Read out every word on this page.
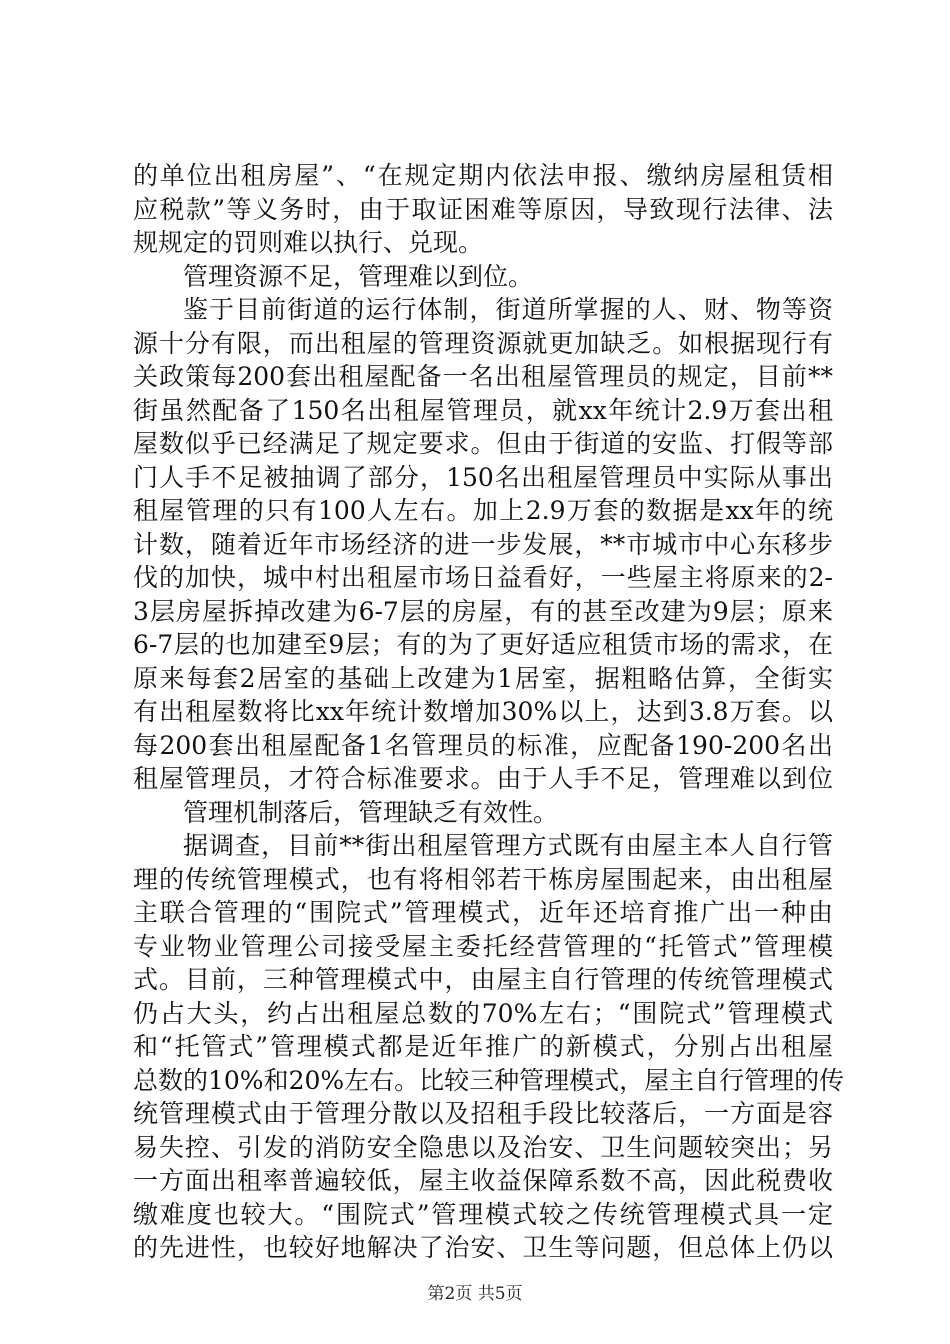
的单位出租房屋”、“在规定期内依法申报、缴纳房屋租赁相
应税款”等义务时，由于取证困难等原因，导致现行法律、法
规规定的罚则难以执行、兑现。
管理资源不足，管理难以到位。
鉴于目前街道的运行体制，街道所掌握的人、财、物等资
源十分有限，而出租屋的管理资源就更加缺乏。如根据现行有
关政策每200套出租屋配备一名出租屋管理员的规定，目前**
街虽然配备了150名出租屋管理员，就xx年统计2.9万套出租
屋数似乎已经满足了规定要求。但由于街道的安监、打假等部
门人手不足被抽调了部分，150名出租屋管理员中实际从事出
租屋管理的只有100人左右。加上2.9万套的数据是xx年的统
计数，随着近年市场经济的进一步发展，**市城市中心东移步
伐的加快，城中村出租屋市场日益看好，一些屋主将原来的2-
3层房屋拆掉改建为6-7层的房屋，有的甚至改建为9层；原来
6-7层的也加建至9层；有的为了更好适应租赁市场的需求，在
原来每套2居室的基础上改建为1居室，据粗略估算，全街实
有出租屋数将比xx年统计数增加30%以上，达到3.8万套。以
每200套出租屋配备1名管理员的标准，应配备190-200名出
租屋管理员，才符合标准要求。由于人手不足，管理难以到位
管理机制落后，管理缺乏有效性。
据调查，目前**街出租屋管理方式既有由屋主本人自行管
理的传统管理模式，也有将相邻若干栋房屋围起来，由出租屋
主联合管理的“围院式”管理模式，近年还培育推广出一种由
专业物业管理公司接受屋主委托经营管理的“托管式”管理模
式。目前，三种管理模式中，由屋主自行管理的传统管理模式
仍占大头，约占出租屋总数的70%左右；“围院式”管理模式
和“托管式”管理模式都是近年推广的新模式，分别占出租屋
总数的10%和20%左右。比较三种管理模式，屋主自行管理的传
统管理模式由于管理分散以及招租手段比较落后，一方面是容
易失控、引发的消防安全隐患以及治安、卫生问题较突出；另
一方面出租率普遍较低，屋主收益保障系数不高，因此税费收
缴难度也较大。“围院式”管理模式较之传统管理模式具一定
的先进性，也较好地解决了治安、卫生等问题，但总体上仍以
第2页 共5页
